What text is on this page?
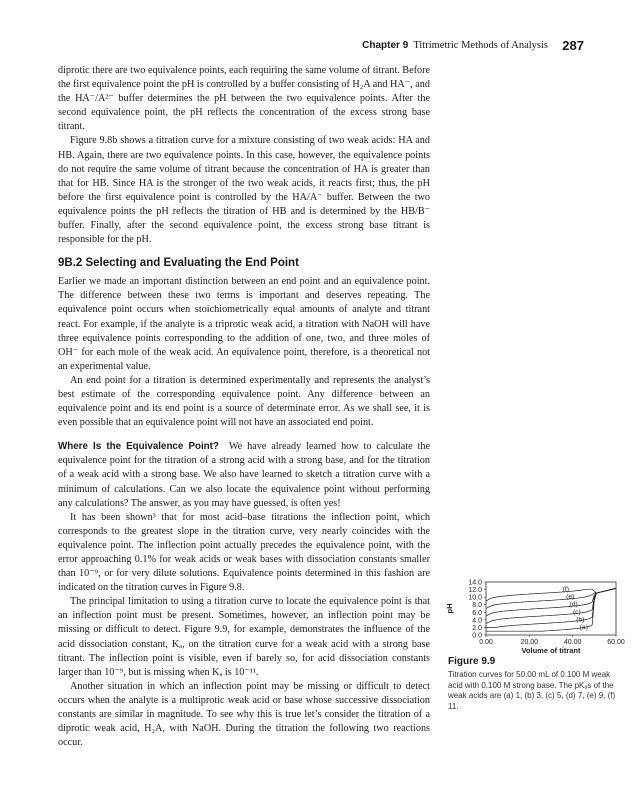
Chapter 9 Titrimetric Methods of Analysis 287

diprotic there are two equivalence points, each requiring the same volume of titrant. Before the first equivalence point the pH is controlled by a buffer consisting of H₂A and HA⁻, and the HA⁻/A²⁻ buffer determines the pH between the two equivalence points. After the second equivalence point, the pH reflects the concentration of the excess strong base titrant.

Figure 9.8b shows a titration curve for a mixture consisting of two weak acids: HA and HB. Again, there are two equivalence points. In this case, however, the equivalence points do not require the same volume of titrant because the concentration of HA is greater than that for HB. Since HA is the stronger of the two weak acids, it reacts first; thus, the pH before the first equivalence point is controlled by the HA/A⁻ buffer. Between the two equivalence points the pH reflects the titration of HB and is determined by the HB/B⁻ buffer. Finally, after the second equivalence point, the excess strong base titrant is responsible for the pH.

9B.2 Selecting and Evaluating the End Point

Earlier we made an important distinction between an end point and an equivalence point. The difference between these two terms is important and deserves repeating. The equivalence point occurs when stoichiometrically equal amounts of analyte and titrant react. For example, if the analyte is a triprotic weak acid, a titration with NaOH will have three equivalence points corresponding to the addition of one, two, and three moles of OH⁻ for each mole of the weak acid. An equivalence point, therefore, is a theoretical not an experimental value.

An end point for a titration is determined experimentally and represents the analyst’s best estimate of the corresponding equivalence point. Any difference between an equivalence point and its end point is a source of determinate error. As we shall see, it is even possible that an equivalence point will not have an associated end point.

Where Is the Equivalence Point? We have already learned how to calculate the equivalence point for the titration of a strong acid with a strong base, and for the titration of a weak acid with a strong base. We also have learned to sketch a titration curve with a minimum of calculations. Can we also locate the equivalence point without performing any calculations? The answer, as you may have guessed, is often yes!

It has been shown³ that for most acid–base titrations the inflection point, which corresponds to the greatest slope in the titration curve, very nearly coincides with the equivalence point. The inflection point actually precedes the equivalence point, with the error approaching 0.1% for weak acids or weak bases with dissociation constants smaller than 10⁻⁹, or for very dilute solutions. Equivalence points determined in this fashion are indicated on the titration curves in Figure 9.8.

The principal limitation to using a titration curve to locate the equivalence point is that an inflection point must be present. Sometimes, however, an inflection point may be missing or difficult to detect. Figure 9.9, for example, demonstrates the influence of the acid dissociation constant, Kₐ, on the titration curve for a weak acid with a strong base titrant. The inflection point is visible, even if barely so, for acid dissociation constants larger than 10⁻⁹, but is missing when Kₐ is 10⁻¹¹.

Another situation in which an inflection point may be missing or difficult to detect occurs when the analyte is a multiprotic weak acid or base whose successive dissociation constants are similar in magnitude. To see why this is true let’s consider the titration of a diprotic weak acid, H₂A, with NaOH. During the titration the following two reactions occur.

0.0
2.0
4.0
6.0
8.0
10.0
12.0
14.0
0.00	20.00	40.00	60.00
Volume of titrant
pH
(a)
(b)
(c)
(d)
(e)
(f)
Figure 9.9
Titration curves for 50.00 mL of 0.100 M weak acid with 0.100 M strong base. The pKₐs of the weak acids are (a) 1, (b) 3, (c) 5, (d) 7, (e) 9, (f) 11.
